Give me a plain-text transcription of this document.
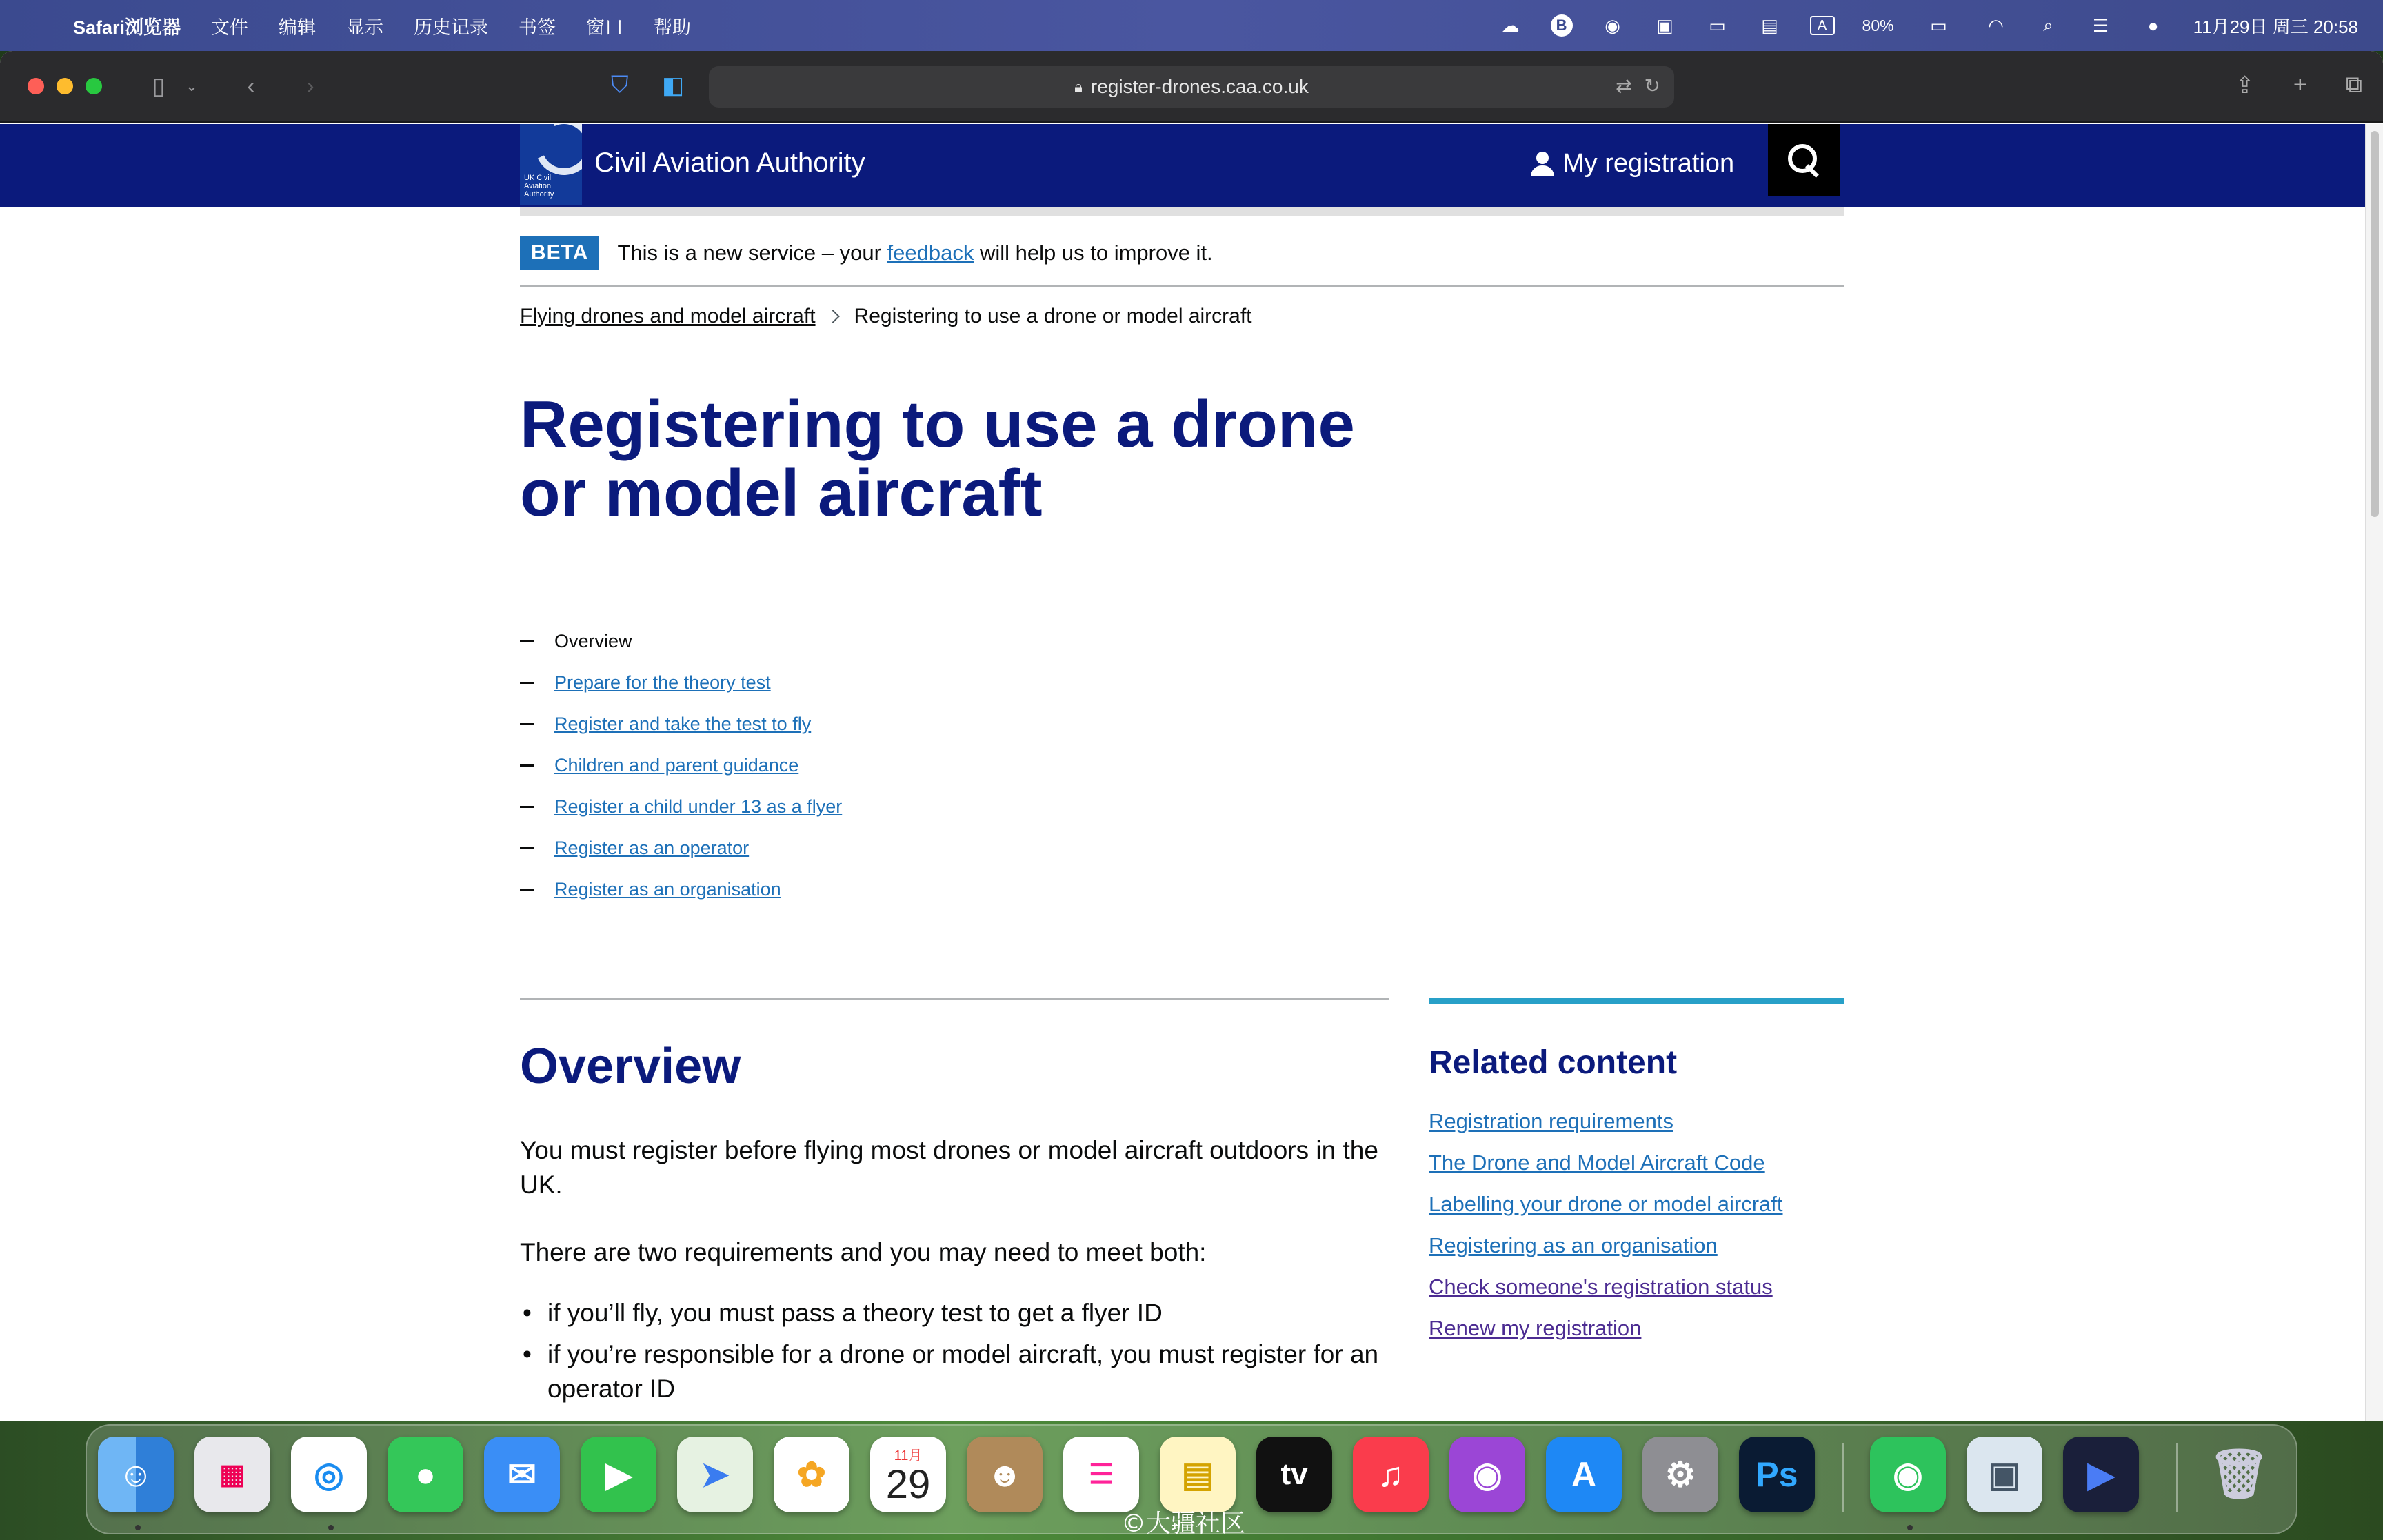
Safari浏览器 文件 编辑 显示 历史记录 书签 窗口 帮助	☁	B	◉ ▣ ▭ ▤	A	80%	▭	◠	⌕	☰	●	11月29日 周三 20:58
▯	⌄	‹	›	⛉ ◧	🔒︎ register-drones.caa.co.uk	⇄ ↻	⇪ + ⧉
UK Civil Aviation Authority
Civil Aviation Authority	My registration
BETA	This is a new service – your feedback will help us to improve it.
Flying drones and model aircraft Registering to use a drone or model aircraft
Registering to use a drone or model aircraft
Overview
Prepare for the theory test
Register and take the test to fly
Children and parent guidance
Register a child under 13 as a flyer
Register as an operator
Register as an organisation
Overview

You must register before flying most drones or model aircraft outdoors in the UK.

There are two requirements and you may need to meet both:

• if you’ll fly, you must pass a theory test to get a flyer ID
• if you’re responsible for a drone or model aircraft, you must register for an operator ID

Related content
Registration requirements
The Drone and Model Aircraft Code
Labelling your drone or model aircraft
Registering as an organisation
Check someone's registration status
Renew my registration
☺	▦	◎	●	✉	▶	➤	✿	11月
29	☻	☰	▤	tv	♫	◉	A	⚙	Ps	◉	▣	▶	🗑︎
©大疆社区
